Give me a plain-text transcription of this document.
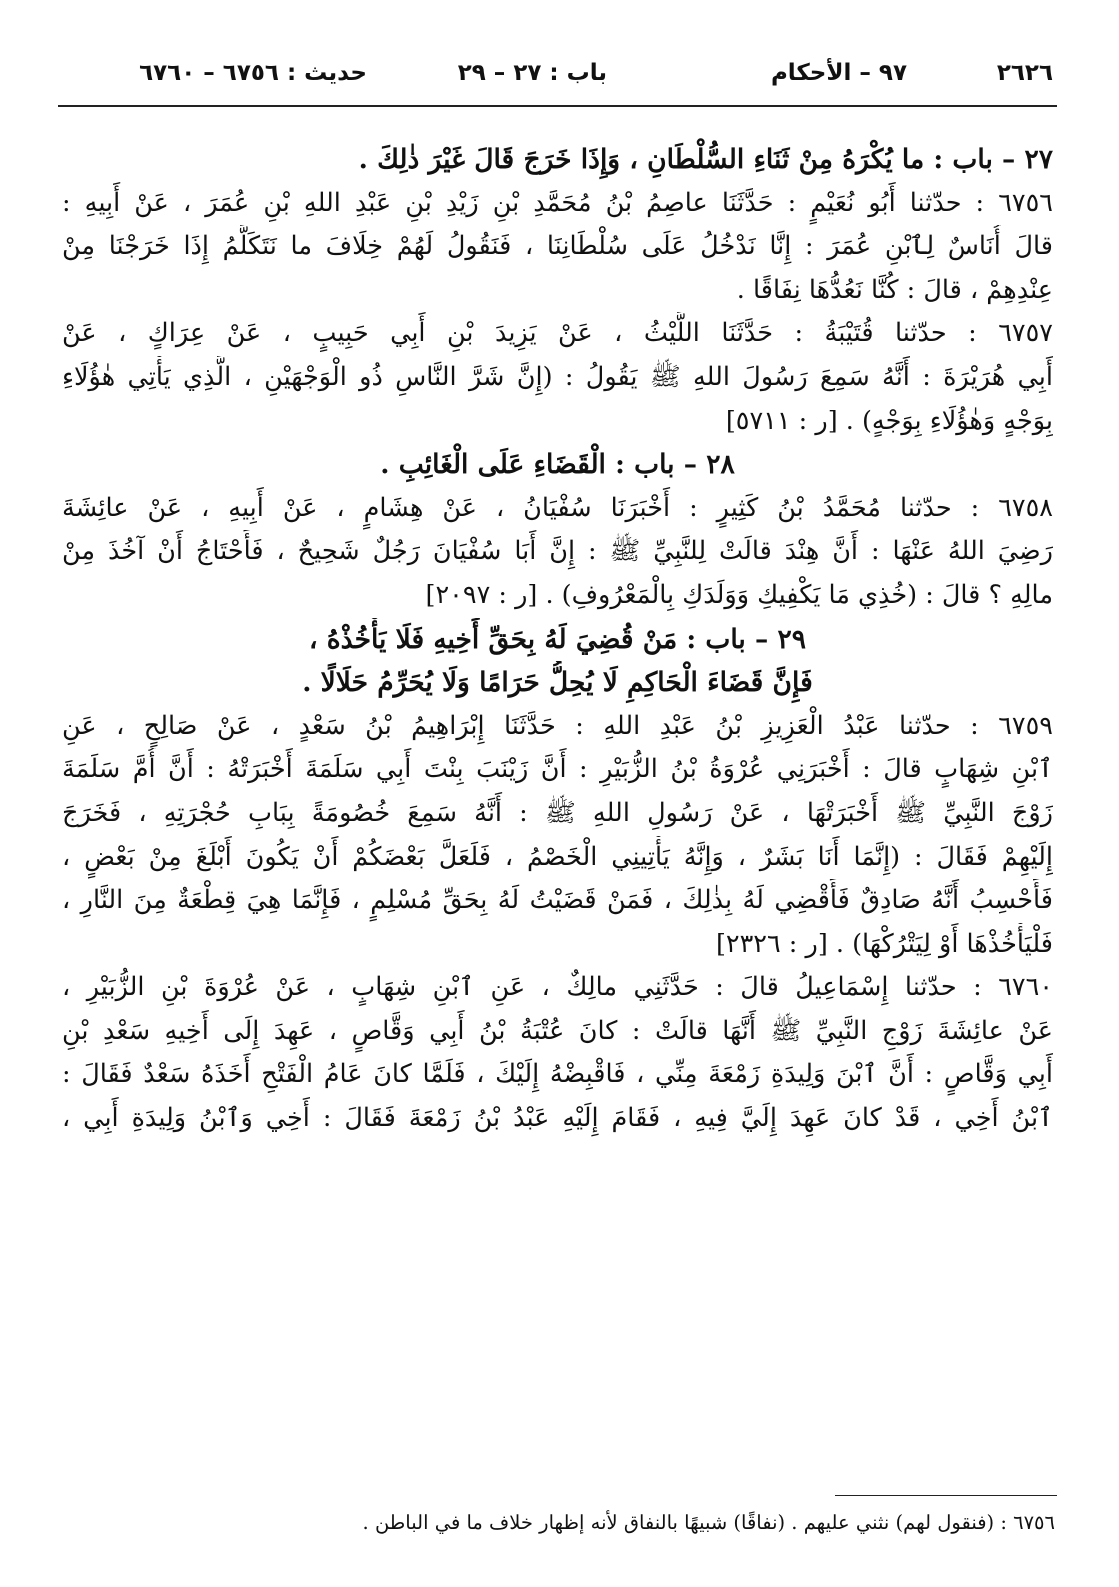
٢٦٢٦
٩٧ – الأحكام
باب : ٢٧ – ٢٩
حديث : ٦٧٥٦ – ٦٧٦٠
٢٧ – باب : ما يُكْرَهُ مِنْ ثَنَاءِ السُّلْطَانِ ، وَإِذَا خَرَجَ قَالَ غَيْرَ ذٰلِكَ .
٦٧٥٦ : حدّثنا أَبُو نُعَيْمٍ : حَدَّثَنَا عاصِمُ بْنُ مُحَمَّدِ بْنِ زَيْدِ بْنِ عَبْدِ اللهِ بْنِ عُمَرَ ، عَنْ أَبِيهِ :
قالَ أُنَاسٌ لِٱبْنِ عُمَرَ : إِنَّا نَدْخُلُ عَلَى سُلْطَانِنَا ، فَنَقُولُ لَهُمْ خِلَافَ ما نَتَكَلَّمُ إِذَا خَرَجْنَا مِنْ
عِنْدِهِمْ ، قالَ : كُنَّا نَعُدُّهَا نِفَاقًا .
٦٧٥٧ : حدّثنا قُتَيْبَةُ : حَدَّثَنَا اللَّيْثُ ، عَنْ يَزِيدَ بْنِ أَبِي حَبِيبٍ ، عَنْ عِرَاكٍ ، عَنْ
أَبِي هُرَيْرَةَ : أَنَّهُ سَمِعَ رَسُولَ اللهِ ﷺ يَقُولُ : (إِنَّ شَرَّ النَّاسِ ذُو الْوَجْهَيْنِ ، الَّذِي يَأْتِي هٰؤُلَاءِ
بِوَجْهٍ وَهٰؤُلَاءِ بِوَجْهٍ) . [ر : ٥٧١١]
٢٨ – باب : الْقَضَاءِ عَلَى الْغَائِبِ .
٦٧٥٨ : حدّثنا مُحَمَّدُ بْنُ كَثِيرٍ : أَخْبَرَنَا سُفْيَانُ ، عَنْ هِشَامٍ ، عَنْ أَبِيهِ ، عَنْ عائِشَةَ
رَضِيَ اللهُ عَنْهَا : أَنَّ هِنْدَ قالَتْ لِلنَّبِيِّ ﷺ : إِنَّ أَبَا سُفْيَانَ رَجُلٌ شَحِيحٌ ، فَأَحْتَاجُ أَنْ آخُذَ مِنْ
مالِهِ ؟ قالَ : (خُذِي مَا يَكْفِيكِ وَوَلَدَكِ بِالْمَعْرُوفِ) . [ر : ٢٠٩٧]
٢٩ – باب : مَنْ قُضِيَ لَهُ بِحَقِّ أَخِيهِ فَلَا يَأْخُذْهُ ،
فَإِنَّ قَضَاءَ الْحَاكِمِ لَا يُحِلُّ حَرَامًا وَلَا يُحَرِّمُ حَلَالًا .
٦٧٥٩ : حدّثنا عَبْدُ الْعَزِيزِ بْنُ عَبْدِ اللهِ : حَدَّثَنَا إِبْرَاهِيمُ بْنُ سَعْدٍ ، عَنْ صَالِحٍ ، عَنِ
ٱبْنِ شِهَابٍ قالَ : أَخْبَرَنِي عُرْوَةُ بْنُ الزُّبَيْرِ : أَنَّ زَيْنَبَ بِنْتَ أَبِي سَلَمَةَ أَخْبَرَتْهُ : أَنَّ أُمَّ سَلَمَةَ
زَوْجَ النَّبِيِّ ﷺ أَخْبَرَتْهَا ، عَنْ رَسُولِ اللهِ ﷺ : أَنَّهُ سَمِعَ خُصُومَةً بِبَابِ حُجْرَتِهِ ، فَخَرَجَ
إِلَيْهِمْ فَقَالَ : (إِنَّمَا أَنَا بَشَرٌ ، وَإِنَّهُ يَأْتِينِي الْخَصْمُ ، فَلَعَلَّ بَعْضَكُمْ أَنْ يَكُونَ أَبْلَغَ مِنْ بَعْضٍ ،
فَأَحْسِبُ أَنَّهُ صَادِقٌ فَأَقْضِي لَهُ بِذٰلِكَ ، فَمَنْ قَضَيْتُ لَهُ بِحَقِّ مُسْلِمٍ ، فَإِنَّمَا هِيَ قِطْعَةٌ مِنَ النَّارِ ،
فَلْيَأْخُذْهَا أَوْ لِيَتْرُكْهَا) . [ر : ٢٣٢٦]
٦٧٦٠ : حدّثنا إِسْمَاعِيلُ قالَ : حَدَّثَنِي مالِكٌ ، عَنِ ٱبْنِ شِهَابٍ ، عَنْ عُرْوَةَ بْنِ الزُّبَيْرِ ،
عَنْ عائِشَةَ زَوْجِ النَّبِيِّ ﷺ أَنَّهَا قالَتْ : كانَ عُتْبَةُ بْنُ أَبِي وَقَّاصٍ ، عَهِدَ إِلَى أَخِيهِ سَعْدِ بْنِ
أَبِي وَقَّاصٍ : أَنَّ ٱبْنَ وَلِيدَةِ زَمْعَةَ مِنِّي ، فَاقْبِضْهُ إِلَيْكَ ، فَلَمَّا كانَ عَامُ الْفَتْحِ أَخَذَهُ سَعْدٌ فَقَالَ :
ٱبْنُ أَخِي ، قَدْ كانَ عَهِدَ إِلَيَّ فِيهِ ، فَقَامَ إِلَيْهِ عَبْدُ بْنُ زَمْعَةَ فَقَالَ : أَخِي وَٱبْنُ وَلِيدَةِ أَبِي ،
٦٧٥٦ : (فنقول لهم) نثني عليهم . (نفاقًا) شبيهًا بالنفاق لأنه إظهار خلاف ما في الباطن .
